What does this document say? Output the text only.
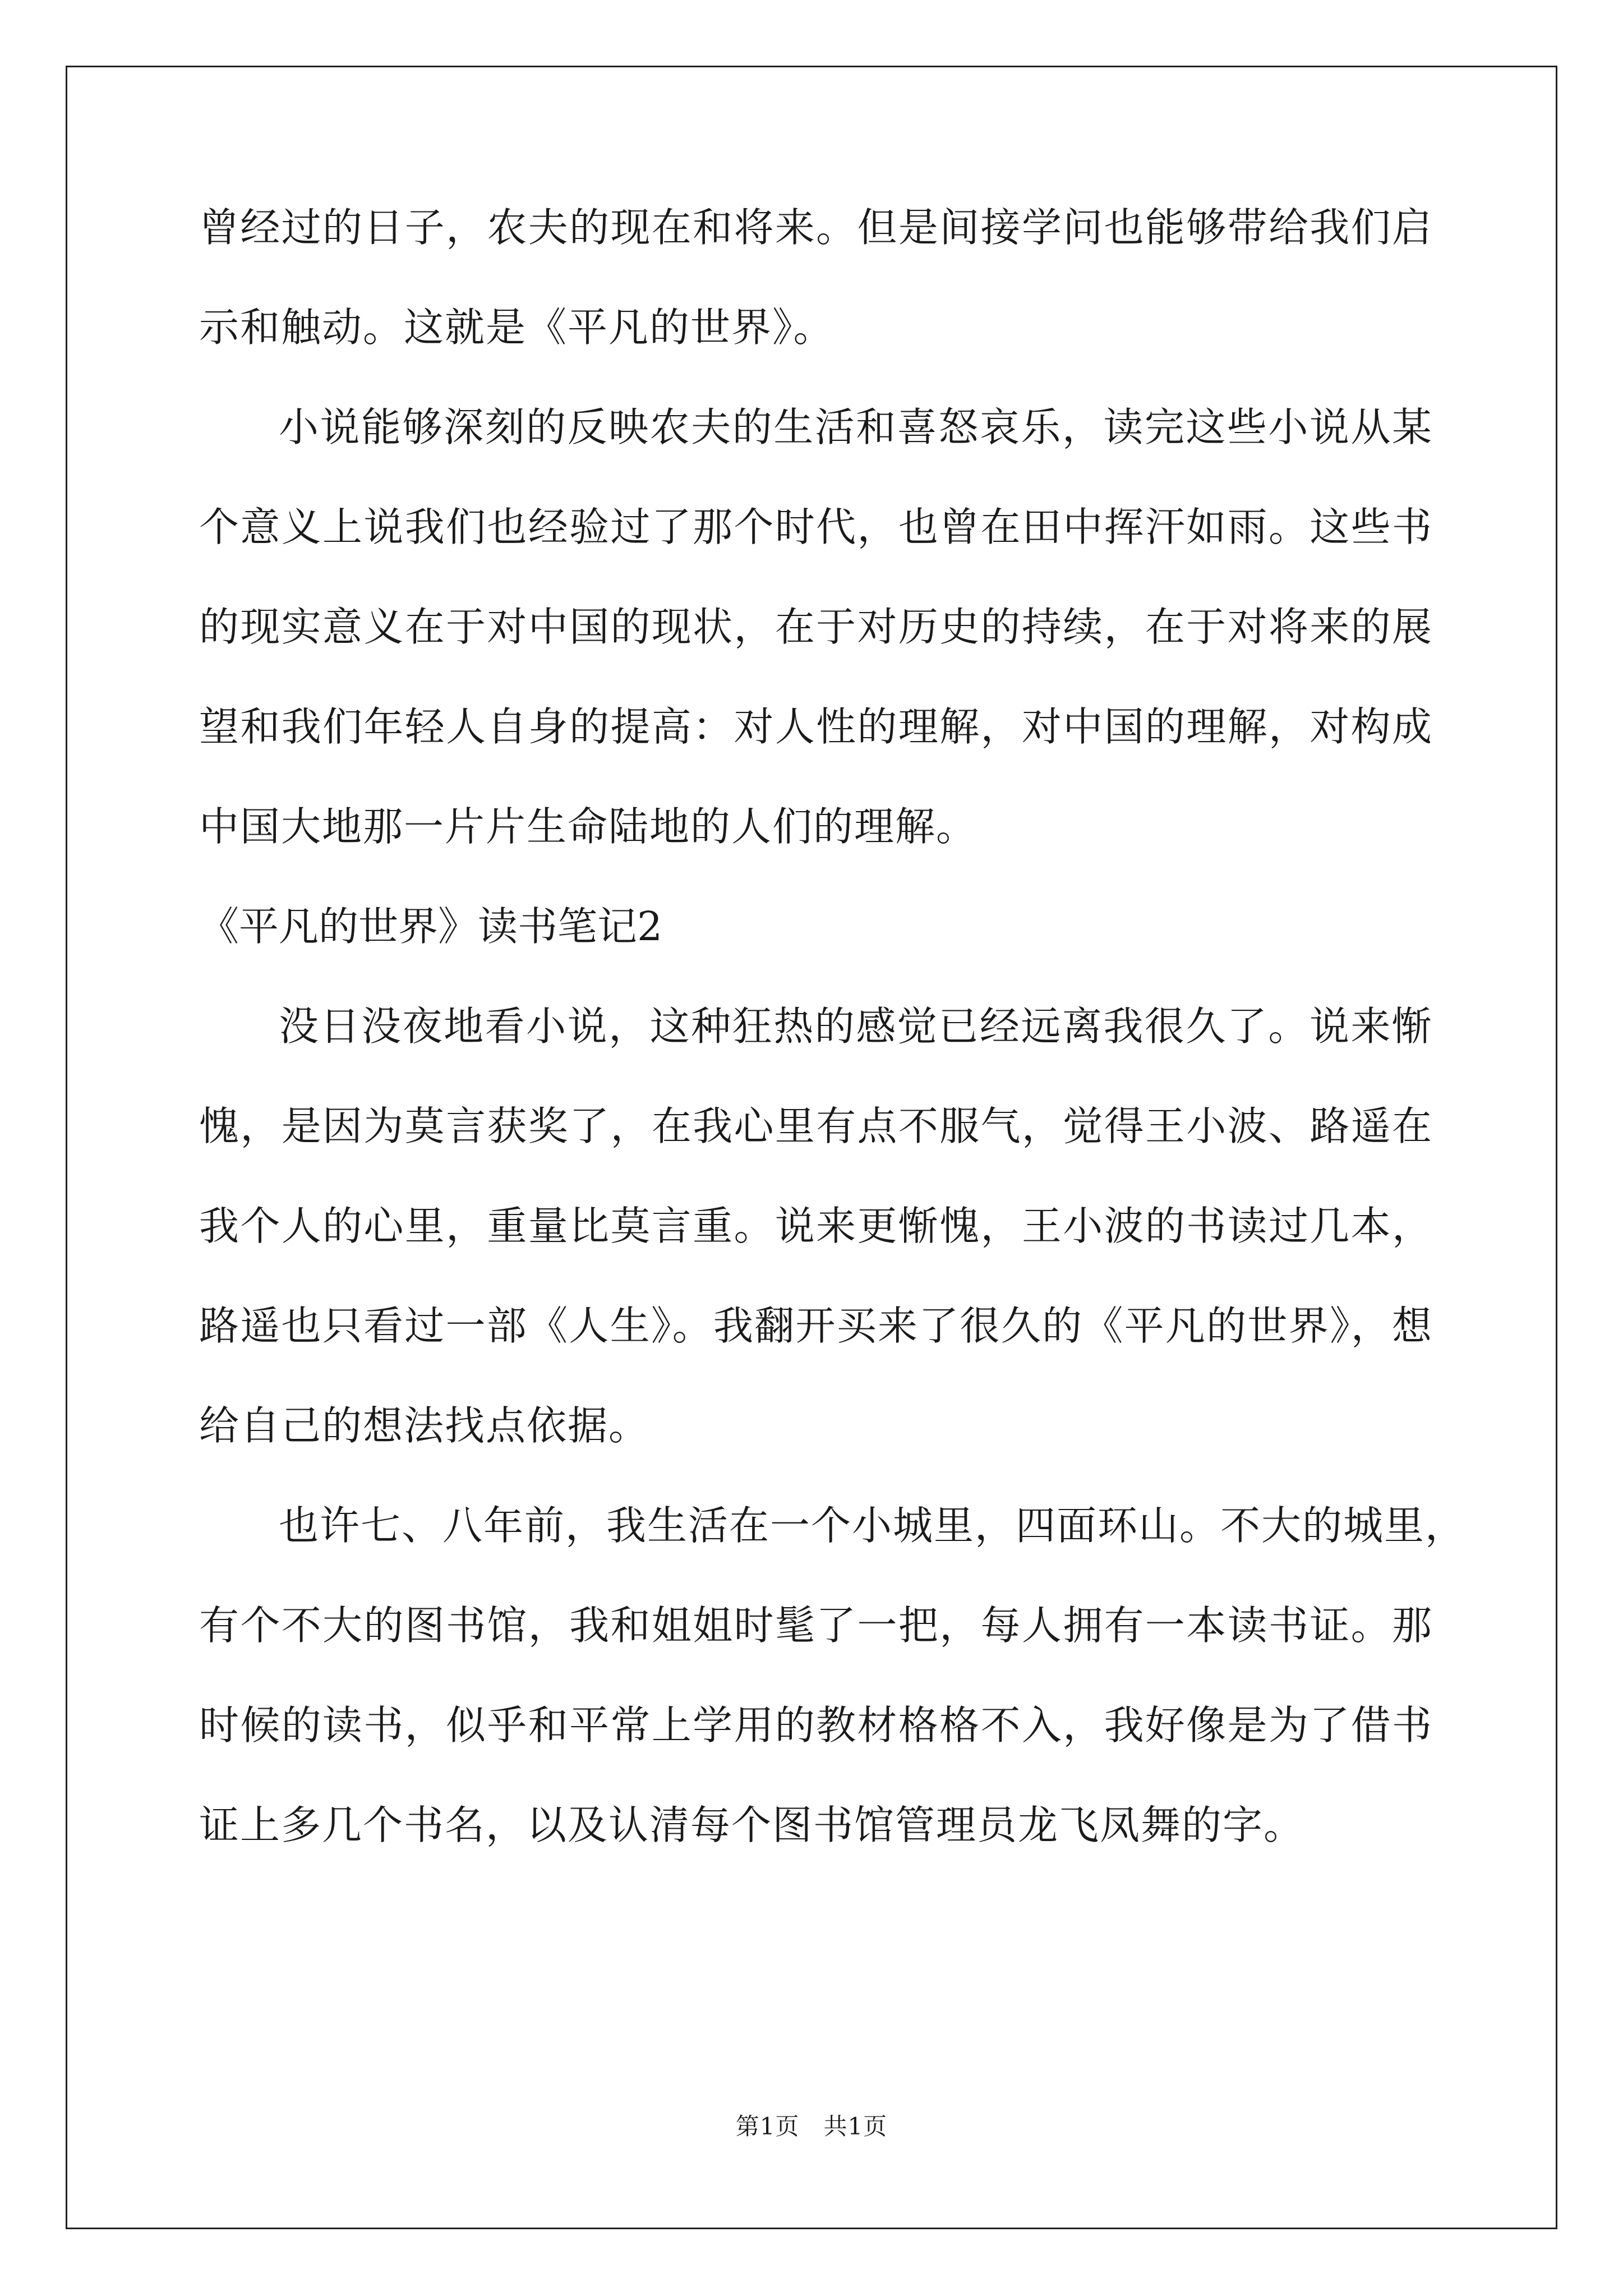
曾经过的日子，农夫的现在和将来。但是间接学问也能够带给我们启
示和触动。这就是《平凡的世界》。
小说能够深刻的反映农夫的生活和喜怒哀乐，读完这些小说从某
个意义上说我们也经验过了那个时代，也曾在田中挥汗如雨。这些书
的现实意义在于对中国的现状，在于对历史的持续，在于对将来的展
望和我们年轻人自身的提高：对人性的理解，对中国的理解，对构成
中国大地那一片片生命陆地的人们的理解。
《平凡的世界》读书笔记2
没日没夜地看小说，这种狂热的感觉已经远离我很久了。说来惭
愧，是因为莫言获奖了，在我心里有点不服气，觉得王小波、路遥在
我个人的心里，重量比莫言重。说来更惭愧，王小波的书读过几本，
路遥也只看过一部《人生》。我翻开买来了很久的《平凡的世界》，想
给自己的想法找点依据。
也许七、八年前，我生活在一个小城里，四面环山。不大的城里，
有个不大的图书馆，我和姐姐时髦了一把，每人拥有一本读书证。那
时候的读书，似乎和平常上学用的教材格格不入，我好像是为了借书
证上多几个书名，以及认清每个图书馆管理员龙飞凤舞的字。
第1页　共1页
